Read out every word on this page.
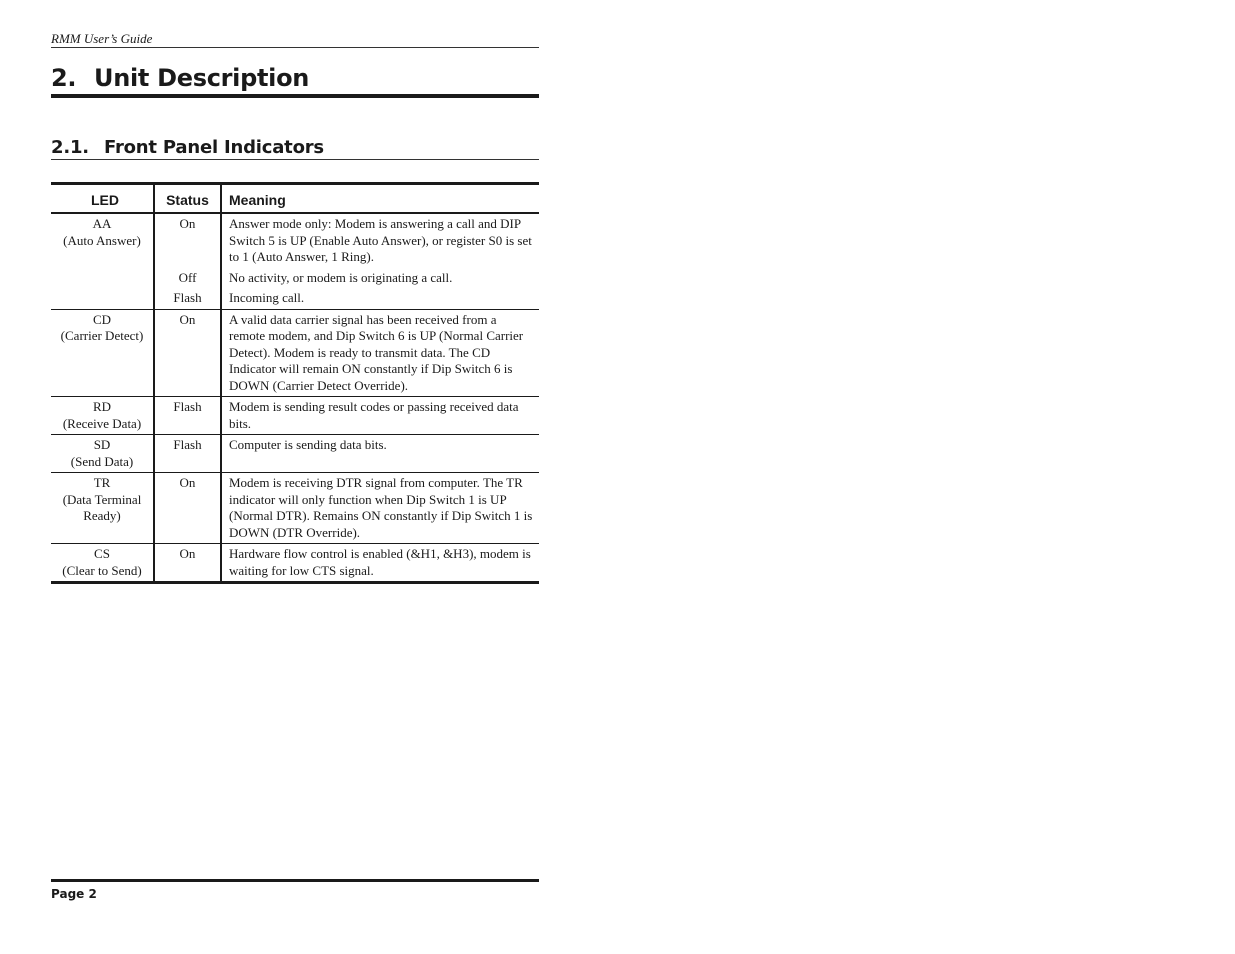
RMM User’s Guide
2. Unit Description
2.1. Front Panel Indicators
LED	Status	Meaning
AA
(Auto Answer)	On	Answer mode only: Modem is answering a call and DIP Switch 5 is UP (Enable Auto Answer), or register S0 is set to 1 (Auto Answer, 1 Ring).
	Off	No activity, or modem is originating a call.
	Flash	Incoming call.
CD
(Carrier Detect)	On	A valid data carrier signal has been received from a remote modem, and Dip Switch 6 is UP (Normal Carrier Detect). Modem is ready to transmit data. The CD Indicator will remain ON constantly if Dip Switch 6 is DOWN (Carrier Detect Override).
RD
(Receive Data)	Flash	Modem is sending result codes or passing received data bits.
SD
(Send Data)	Flash	Computer is sending data bits.
TR
(Data Terminal
Ready)	On	Modem is receiving DTR signal from computer. The TR indicator will only function when Dip Switch 1 is UP (Normal DTR). Remains ON constantly if Dip Switch 1 is DOWN (DTR Override).
CS
(Clear to Send)	On	Hardware flow control is enabled (&H1, &H3), modem is waiting for low CTS signal.
Page 2
